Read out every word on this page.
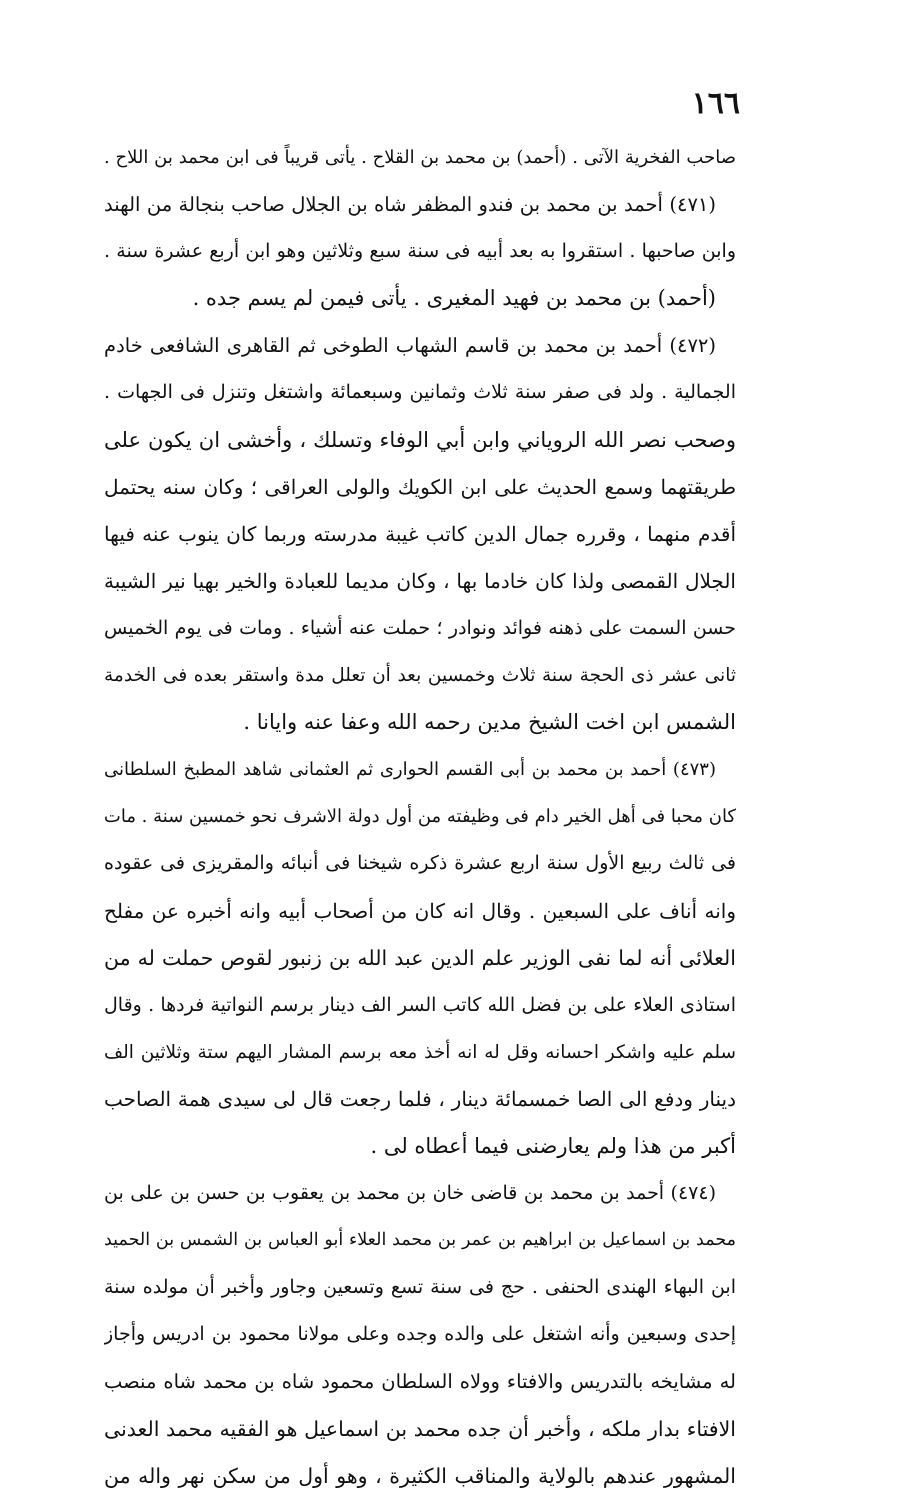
١٦٦
صاحب الفخرية الآتى . (أحمد) بن محمد بن القلاح . يأتى قريباً فى ابن محمد بن اللاح .
(٤٧١) أحمد بن محمد بن فندو المظفر شاه بن الجلال صاحب بنجالة من الهند
وابن صاحبها . استقروا به بعد أبيه فى سنة سبع وثلاثين وهو ابن أربع عشرة سنة .
(أحمد) بن محمد بن فهيد المغيرى . يأتى فيمن لم يسم جده .
(٤٧٢) أحمد بن محمد بن قاسم الشهاب الطوخى ثم القاهرى الشافعى خادم
الجمالية . ولد فى صفر سنة ثلاث وثمانين وسبعمائة واشتغل وتنزل فى الجهات .
وصحب نصر الله الروياني وابن أبي الوفاء وتسلك ، وأخشى ان يكون على
طريقتهما وسمع الحديث على ابن الكويك والولى العراقى ؛ وكان سنه يحتمل
أقدم منهما ، وقرره جمال الدين كاتب غيبة مدرسته وربما كان ينوب عنه فيها
الجلال القمصى ولذا كان خادما بها ، وكان مديما للعبادة والخير بهيا نير الشيبة
حسن السمت على ذهنه فوائد ونوادر ؛ حملت عنه أشياء . ومات فى يوم الخميس
ثانى عشر ذى الحجة سنة ثلاث وخمسين بعد أن تعلل مدة واستقر بعده فى الخدمة
الشمس ابن اخت الشيخ مدين رحمه الله وعفا عنه وايانا .
(٤٧٣) أحمد بن محمد بن أبى القسم الحوارى ثم العثمانى شاهد المطبخ السلطانى
كان محبا فى أهل الخير دام فى وظيفته من أول دولة الاشرف نحو خمسين سنة . مات
فى ثالث ربيع الأول سنة اربع عشرة ذكره شيخنا فى أنبائه والمقريزى فى عقوده
وانه أناف على السبعين . وقال انه كان من أصحاب أبيه وانه أخبره عن مفلح
العلائى أنه لما نفى الوزير علم الدين عبد الله بن زنبور لقوص حملت له من
استاذى العلاء على بن فضل الله كاتب السر الف دينار برسم النواتية فردها . وقال
سلم عليه واشكر احسانه وقل له انه أخذ معه برسم المشار اليهم ستة وثلاثين الف
دينار ودفع الى الصا خمسمائة دينار ، فلما رجعت قال لى سيدى همة الصاحب
أكبر من هذا ولم يعارضنى فيما أعطاه لى .
(٤٧٤) أحمد بن محمد بن قاضى خان بن محمد بن يعقوب بن حسن بن على بن
محمد بن اسماعيل بن ابراهيم بن عمر بن محمد العلاء أبو العباس بن الشمس بن الحميد
ابن البهاء الهندى الحنفى . حج فى سنة تسع وتسعين وجاور وأخبر أن مولده سنة
إحدى وسبعين وأنه اشتغل على والده وجده وعلى مولانا محمود بن ادريس وأجاز
له مشايخه بالتدريس والافتاء وولاه السلطان محمود شاه بن محمد شاه منصب
الافتاء بدار ملكه ، وأخبر أن جده محمد بن اسماعيل هو الفقيه محمد العدنى
المشهور عندهم بالولاية والمناقب الكثيرة ، وهو أول من سكن نهر واله من
